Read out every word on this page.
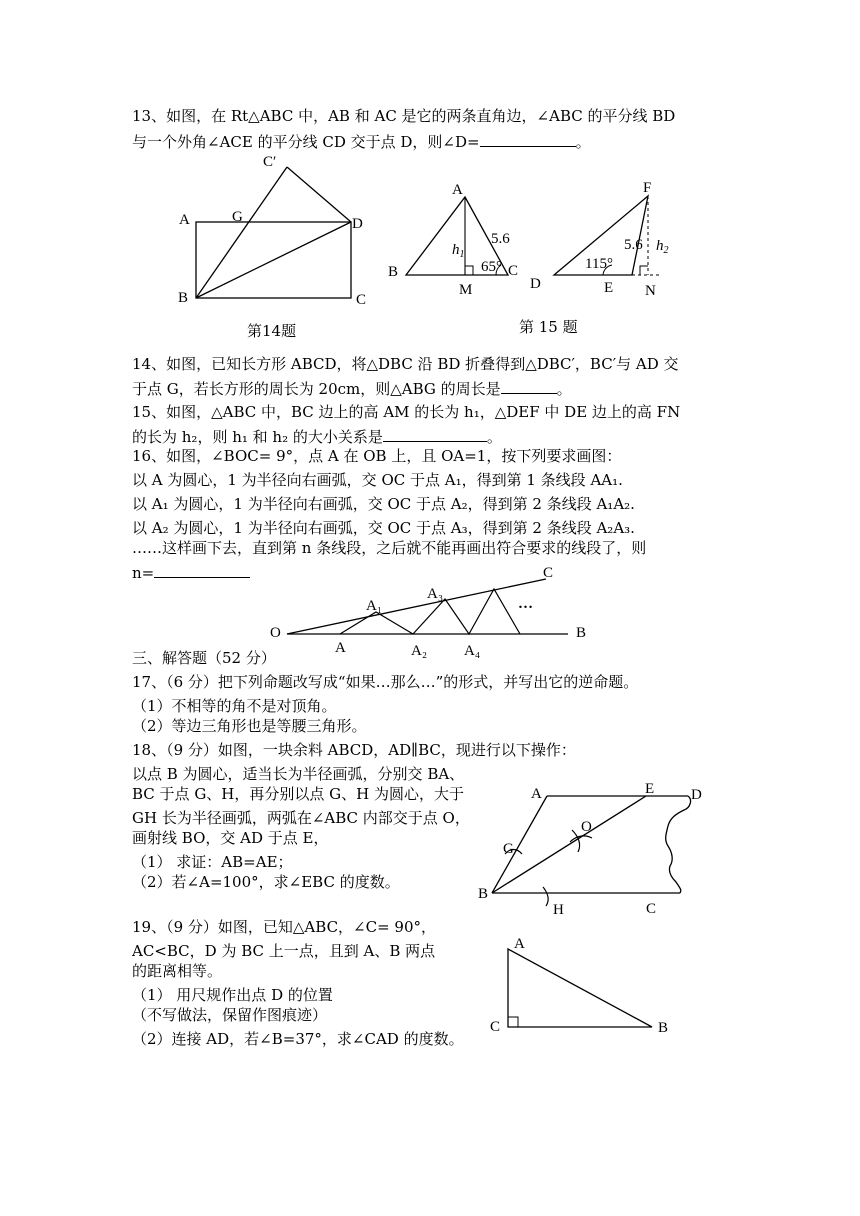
13、如图，在 Rt△ABC 中，AB 和 AC 是它的两条直角边，∠ABC 的平分线 BD
与一个外角∠ACE 的平分线 CD 交于点 D，则∠D=	。
C′
A	G	D
B	C
第14题
A
B	C
M
$h_1$
5.6
65°
F
D	E N
$h_2$
5.6
115°
第 15 题
14、如图，已知长方形 ABCD，将△DBC 沿 BD 折叠得到△DBC′，BC′与 AD 交
于点 G，若长方形的周长为 20cm，则△ABG 的周长是	。
15、如图，△ABC 中，BC 边上的高 AM 的长为 h₁，△DEF 中 DE 边上的高 FN
的长为 h₂，则 h₁ 和 h₂ 的大小关系是	。
16、如图，∠BOC= 9°，点 A 在 OB 上，且 OA=1，按下列要求画图：
以 A 为圆心，1 为半径向右画弧，交 OC 于点 A₁，得到第 1 条线段 AA₁.
以 A₁ 为圆心，1 为半径向右画弧，交 OC 于点 A₂，得到第 2 条线段 A₁A₂.
以 A₂ 为圆心，1 为半径向右画弧，交 OC 于点 A₃，得到第 2 条线段 A₂A₃.
……这样画下去，直到第 n 条线段，之后就不能再画出符合要求的线段了，则
n=
O
A
A₁
A₂
A₃
A₄
B
C
…
三、解答题（52 分）
17、（6 分）把下列命题改写成“如果…那么…”的形式，并写出它的逆命题。
（1）不相等的角不是对顶角。
（2）等边三角形也是等腰三角形。
18、（9 分）如图，一块余料 ABCD，AD∥BC，现进行以下操作：
以点 B 为圆心，适当长为半径画弧，分别交 BA、
BC 于点 G、H，再分别以点 G、H 为圆心，大于
GH 长为半径画弧，两弧在∠ABC 内部交于点 O，
画射线 BO，交 AD 于点 E，
（1） 求证：AB=AE；
（2）若∠A=100°，求∠EBC 的度数。
A	E D
O
G
B
H	C
19、（9 分）如图，已知△ABC，∠C= 90°，
AC<BC，D 为 BC 上一点，且到 A、B 两点
的距离相等。
（1） 用尺规作出点 D 的位置
（不写做法，保留作图痕迹）
（2）连接 AD，若∠B=37°，求∠CAD 的度数。
A
C	B
